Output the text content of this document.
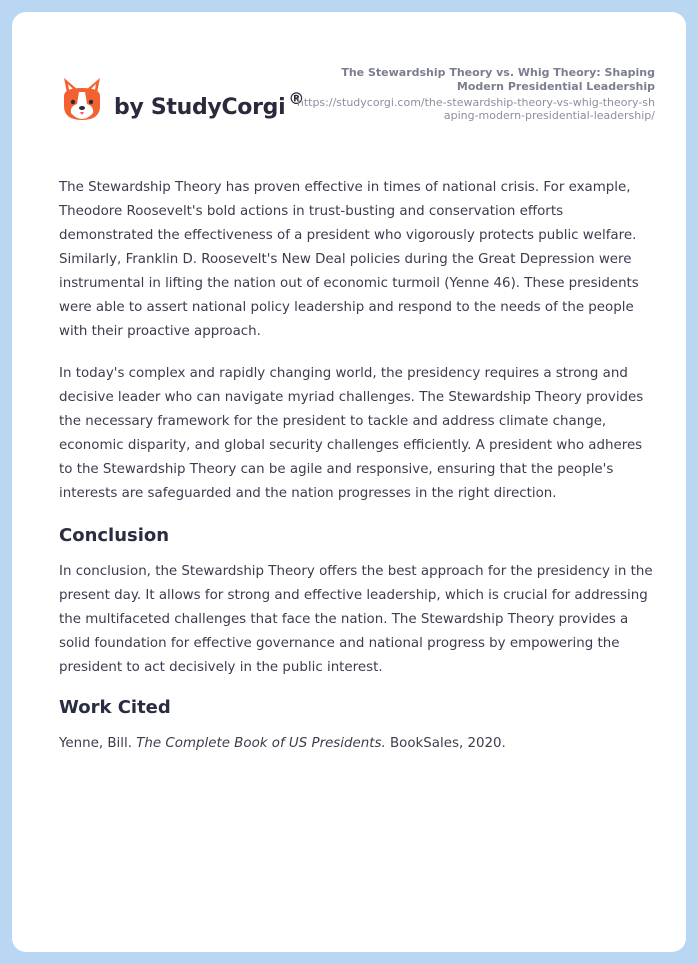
by StudyCorgi ®
The Stewardship Theory vs. Whig Theory: Shaping Modern Presidential Leadership
https://studycorgi.com/the-stewardship-theory-vs-whig-theory-shaping-modern-presidential-leadership/

The Stewardship Theory has proven effective in times of national crisis. For example, Theodore Roosevelt's bold actions in trust-busting and conservation efforts demonstrated the effectiveness of a president who vigorously protects public welfare. Similarly, Franklin D. Roosevelt's New Deal policies during the Great Depression were instrumental in lifting the nation out of economic turmoil (Yenne 46). These presidents were able to assert national policy leadership and respond to the needs of the people with their proactive approach.

In today's complex and rapidly changing world, the presidency requires a strong and decisive leader who can navigate myriad challenges. The Stewardship Theory provides the necessary framework for the president to tackle and address climate change, economic disparity, and global security challenges efficiently. A president who adheres to the Stewardship Theory can be agile and responsive, ensuring that the people's interests are safeguarded and the nation progresses in the right direction.

Conclusion

In conclusion, the Stewardship Theory offers the best approach for the presidency in the present day. It allows for strong and effective leadership, which is crucial for addressing the multifaceted challenges that face the nation. The Stewardship Theory provides a solid foundation for effective governance and national progress by empowering the president to act decisively in the public interest.

Work Cited

Yenne, Bill. The Complete Book of US Presidents. BookSales, 2020.
